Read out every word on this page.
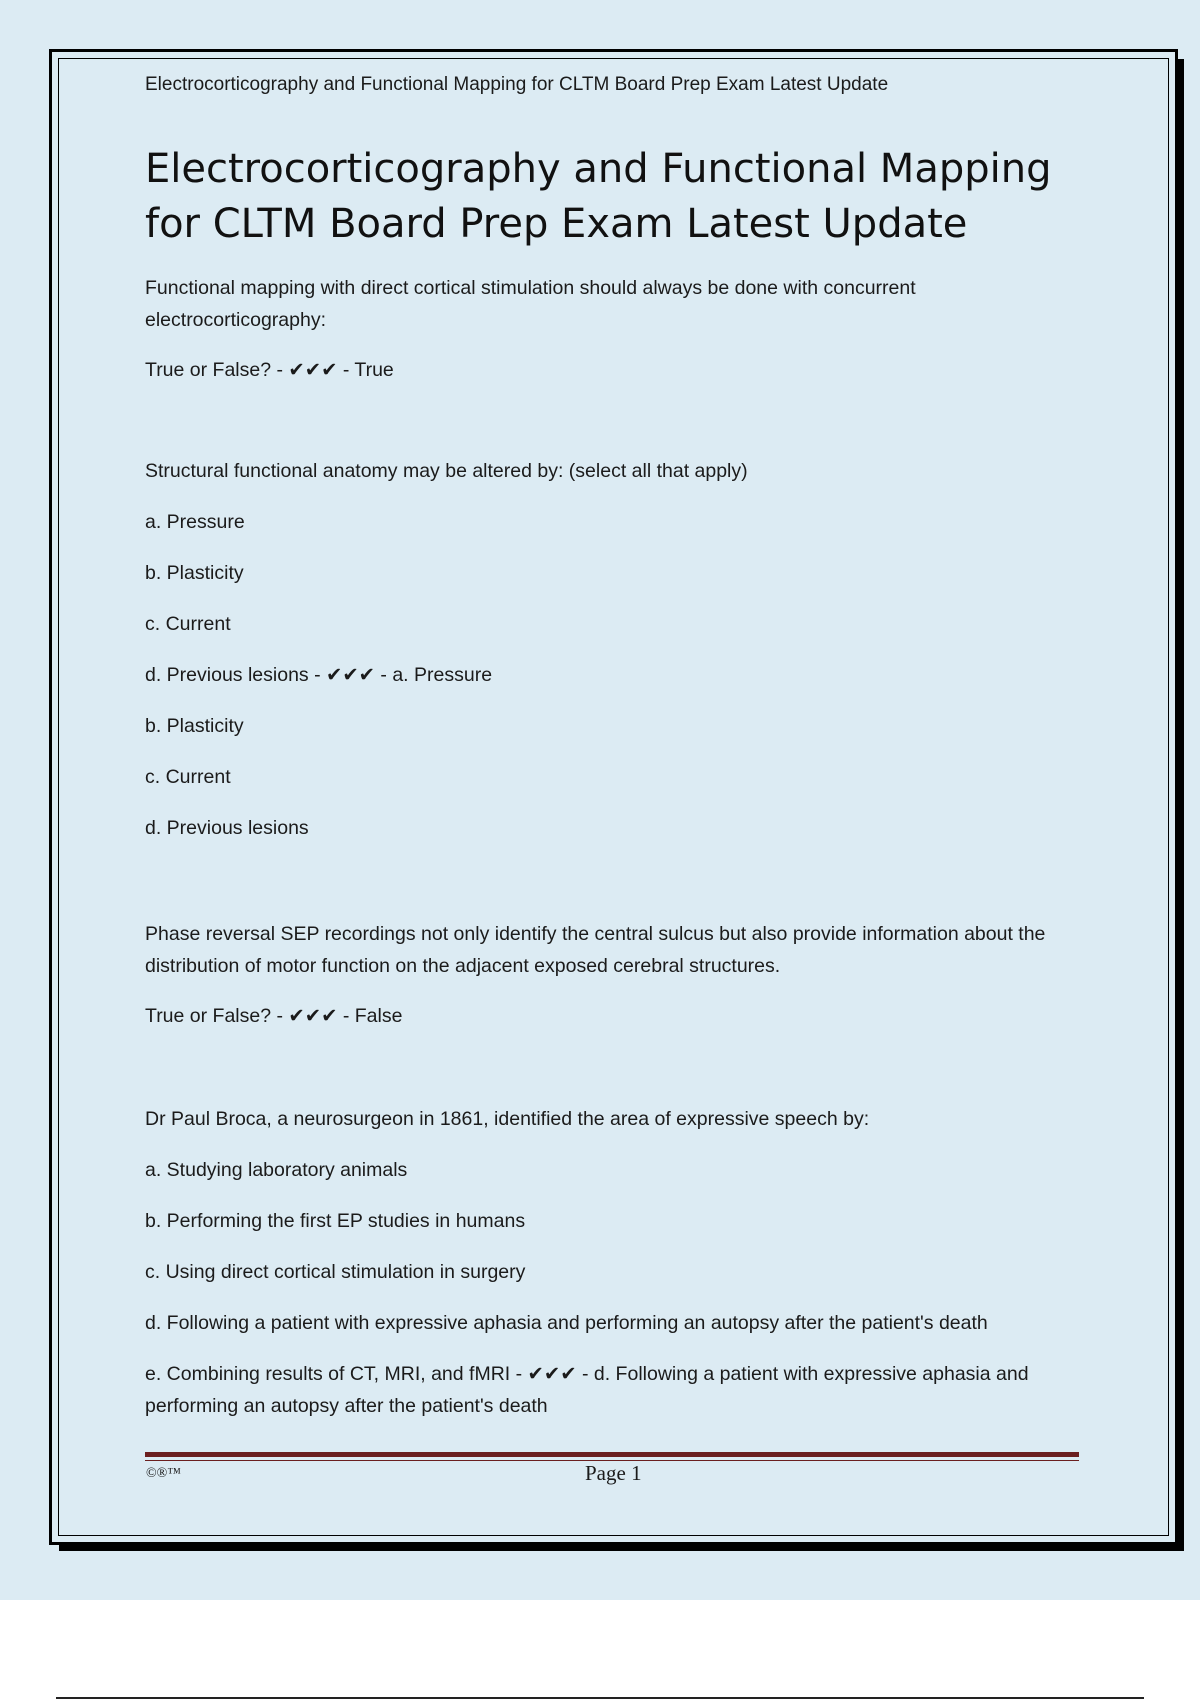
Electrocorticography and Functional Mapping for CLTM Board Prep Exam Latest Update
Electrocorticography and Functional Mapping for CLTM Board Prep Exam Latest Update

Functional mapping with direct cortical stimulation should always be done with concurrent electrocorticography:

True or False? - ✔✔✔ - True

Structural functional anatomy may be altered by: (select all that apply)

a. Pressure

b. Plasticity

c. Current

d. Previous lesions - ✔✔✔ - a. Pressure

b. Plasticity

c. Current

d. Previous lesions

Phase reversal SEP recordings not only identify the central sulcus but also provide information about the distribution of motor function on the adjacent exposed cerebral structures.

True or False? - ✔✔✔ - False

Dr Paul Broca, a neurosurgeon in 1861, identified the area of expressive speech by:

a. Studying laboratory animals

b. Performing the first EP studies in humans

c. Using direct cortical stimulation in surgery

d. Following a patient with expressive aphasia and performing an autopsy after the patient's death

e. Combining results of CT, MRI, and fMRI - ✔✔✔ - d. Following a patient with expressive aphasia and performing an autopsy after the patient's death

©®™	Page 1
